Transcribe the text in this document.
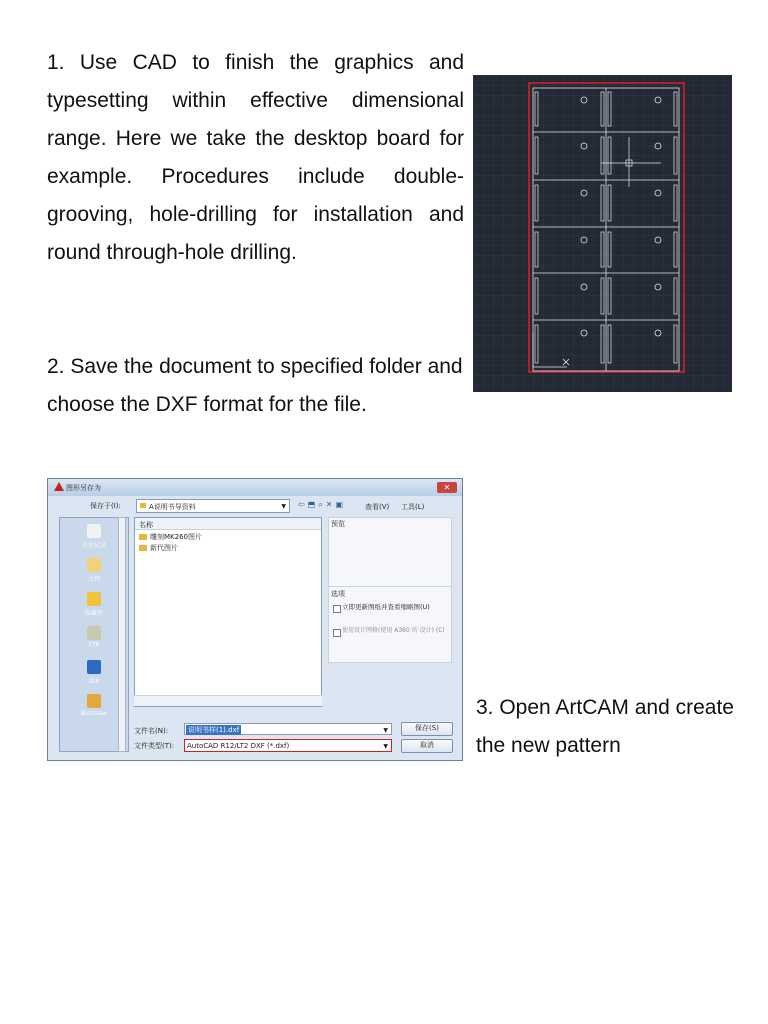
1. Use CAD to finish the graphics and typesetting within effective dimensional range. Here we take the desktop board for example. Procedures include double-grooving, hole-drilling for installation and round through-hole drilling.
2. Save the document to specified folder and choose the DXF format for the file.
图形另存为	✕
保存于(I):	A说明书导资料	▼ ⇦⬒⌕✕▣	查看(V) 工具(L)
历史记录
文档
收藏夹
FTP
桌面
Buzzsaw
名称
雕刻MK260图片
新代图片
预览
选项
立即更新图纸并查看缩略图(U)
使用设计网格(使用 A360 的 设计) (C)
文件名(N):	说明书样(1).dxf	▼
文件类型(T): AutoCAD R12/LT2 DXF (*.dxf)	▼
保存(S)
取消
3. Open ArtCAM and create the new pattern
